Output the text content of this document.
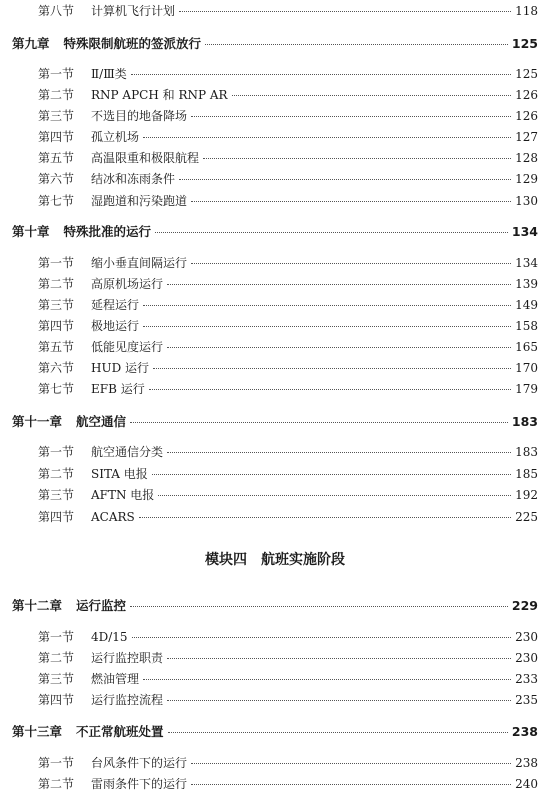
第八节	计算机飞行计划	118
第九章 特殊限制航班的签派放行	125
第一节	Ⅱ/Ⅲ类	125
第二节	RNP APCH 和 RNP AR	126
第三节	不选目的地备降场	126
第四节	孤立机场	127
第五节	高温限重和极限航程	128
第六节	结冰和冻雨条件	129
第七节	湿跑道和污染跑道	130
第十章 特殊批准的运行	134
第一节	缩小垂直间隔运行	134
第二节	高原机场运行	139
第三节	延程运行	149
第四节	极地运行	158
第五节	低能见度运行	165
第六节	HUD 运行	170
第七节	EFB 运行	179
第十一章 航空通信	183
第一节	航空通信分类	183
第二节	SITA 电报	185
第三节	AFTN 电报	192
第四节	ACARS	225
模块四 航班实施阶段
第十二章 运行监控	229
第一节	4D/15	230
第二节	运行监控职责	230
第三节	燃油管理	233
第四节	运行监控流程	235
第十三章 不正常航班处置	238
第一节	台风条件下的运行	238
第二节	雷雨条件下的运行	240
